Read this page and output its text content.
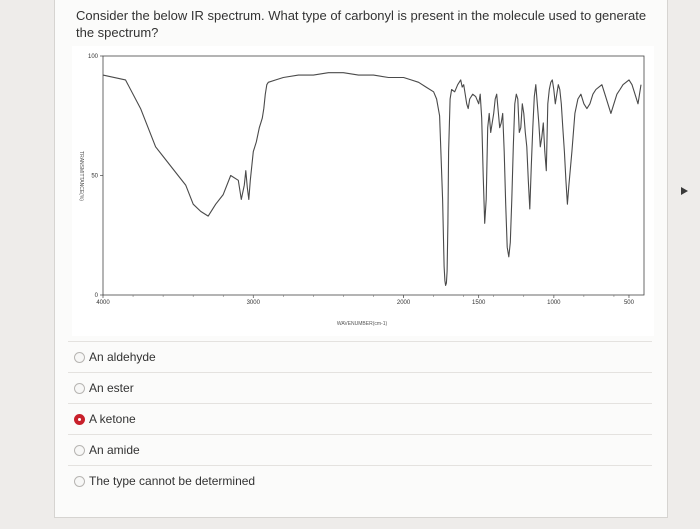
Consider the below IR spectrum. What type of carbonyl is present in the molecule used to generate the spectrum?
100
50
0
4000	3000	2000	1500	1000	500
TRANSMITTANCE(%)
WAVENUMBER(cm-1)
An aldehyde
An ester
A ketone
An amide
The type cannot be determined
